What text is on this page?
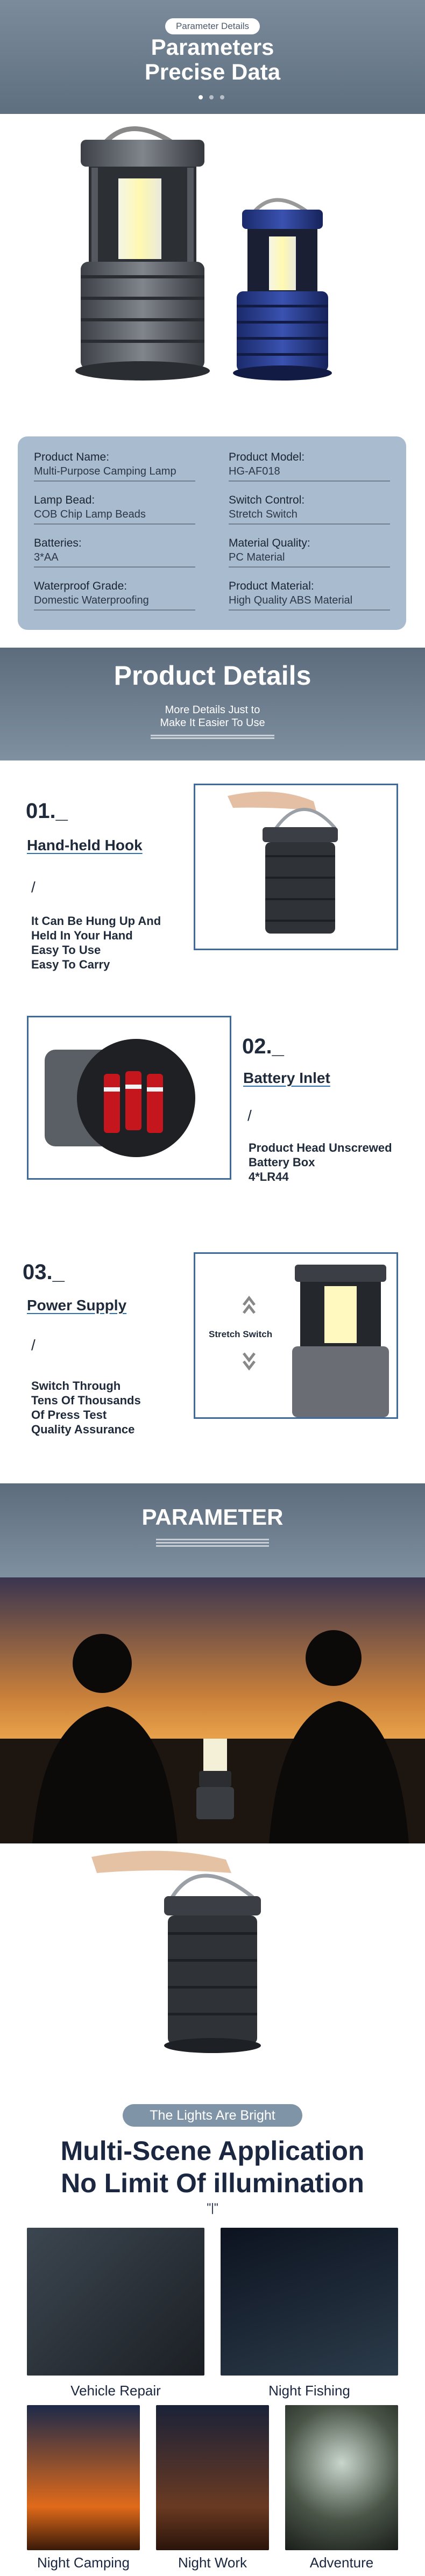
Parameter Details
Parameters
Precise Data
Product Name:
Multi-Purpose Camping Lamp
Product Model:
HG-AF018
Lamp Bead:
COB Chip Lamp Beads
Switch Control:
Stretch Switch
Batteries:
3*AA
Material Quality:
PC Material
Waterproof Grade:
Domestic Waterproofing
Product Material:
High Quality ABS Material
Product Details
More Details Just to
Make It Easier To Use
01._
Hand-held Hook
/
It Can Be Hung Up And
Held In Your Hand
Easy To Use
Easy To Carry
02._
Battery Inlet
/
Product Head Unscrewed
Battery Box
4*LR44
03._
Power Supply
/
Switch Through
Tens Of Thousands
Of Press Test
Quality Assurance
Stretch Switch
PARAMETER
The Lights Are Bright
Multi-Scene Application
No Limit Of illumination
"|"
Vehicle Repair	Night Fishing
Night Camping	Night Work	Adventure
